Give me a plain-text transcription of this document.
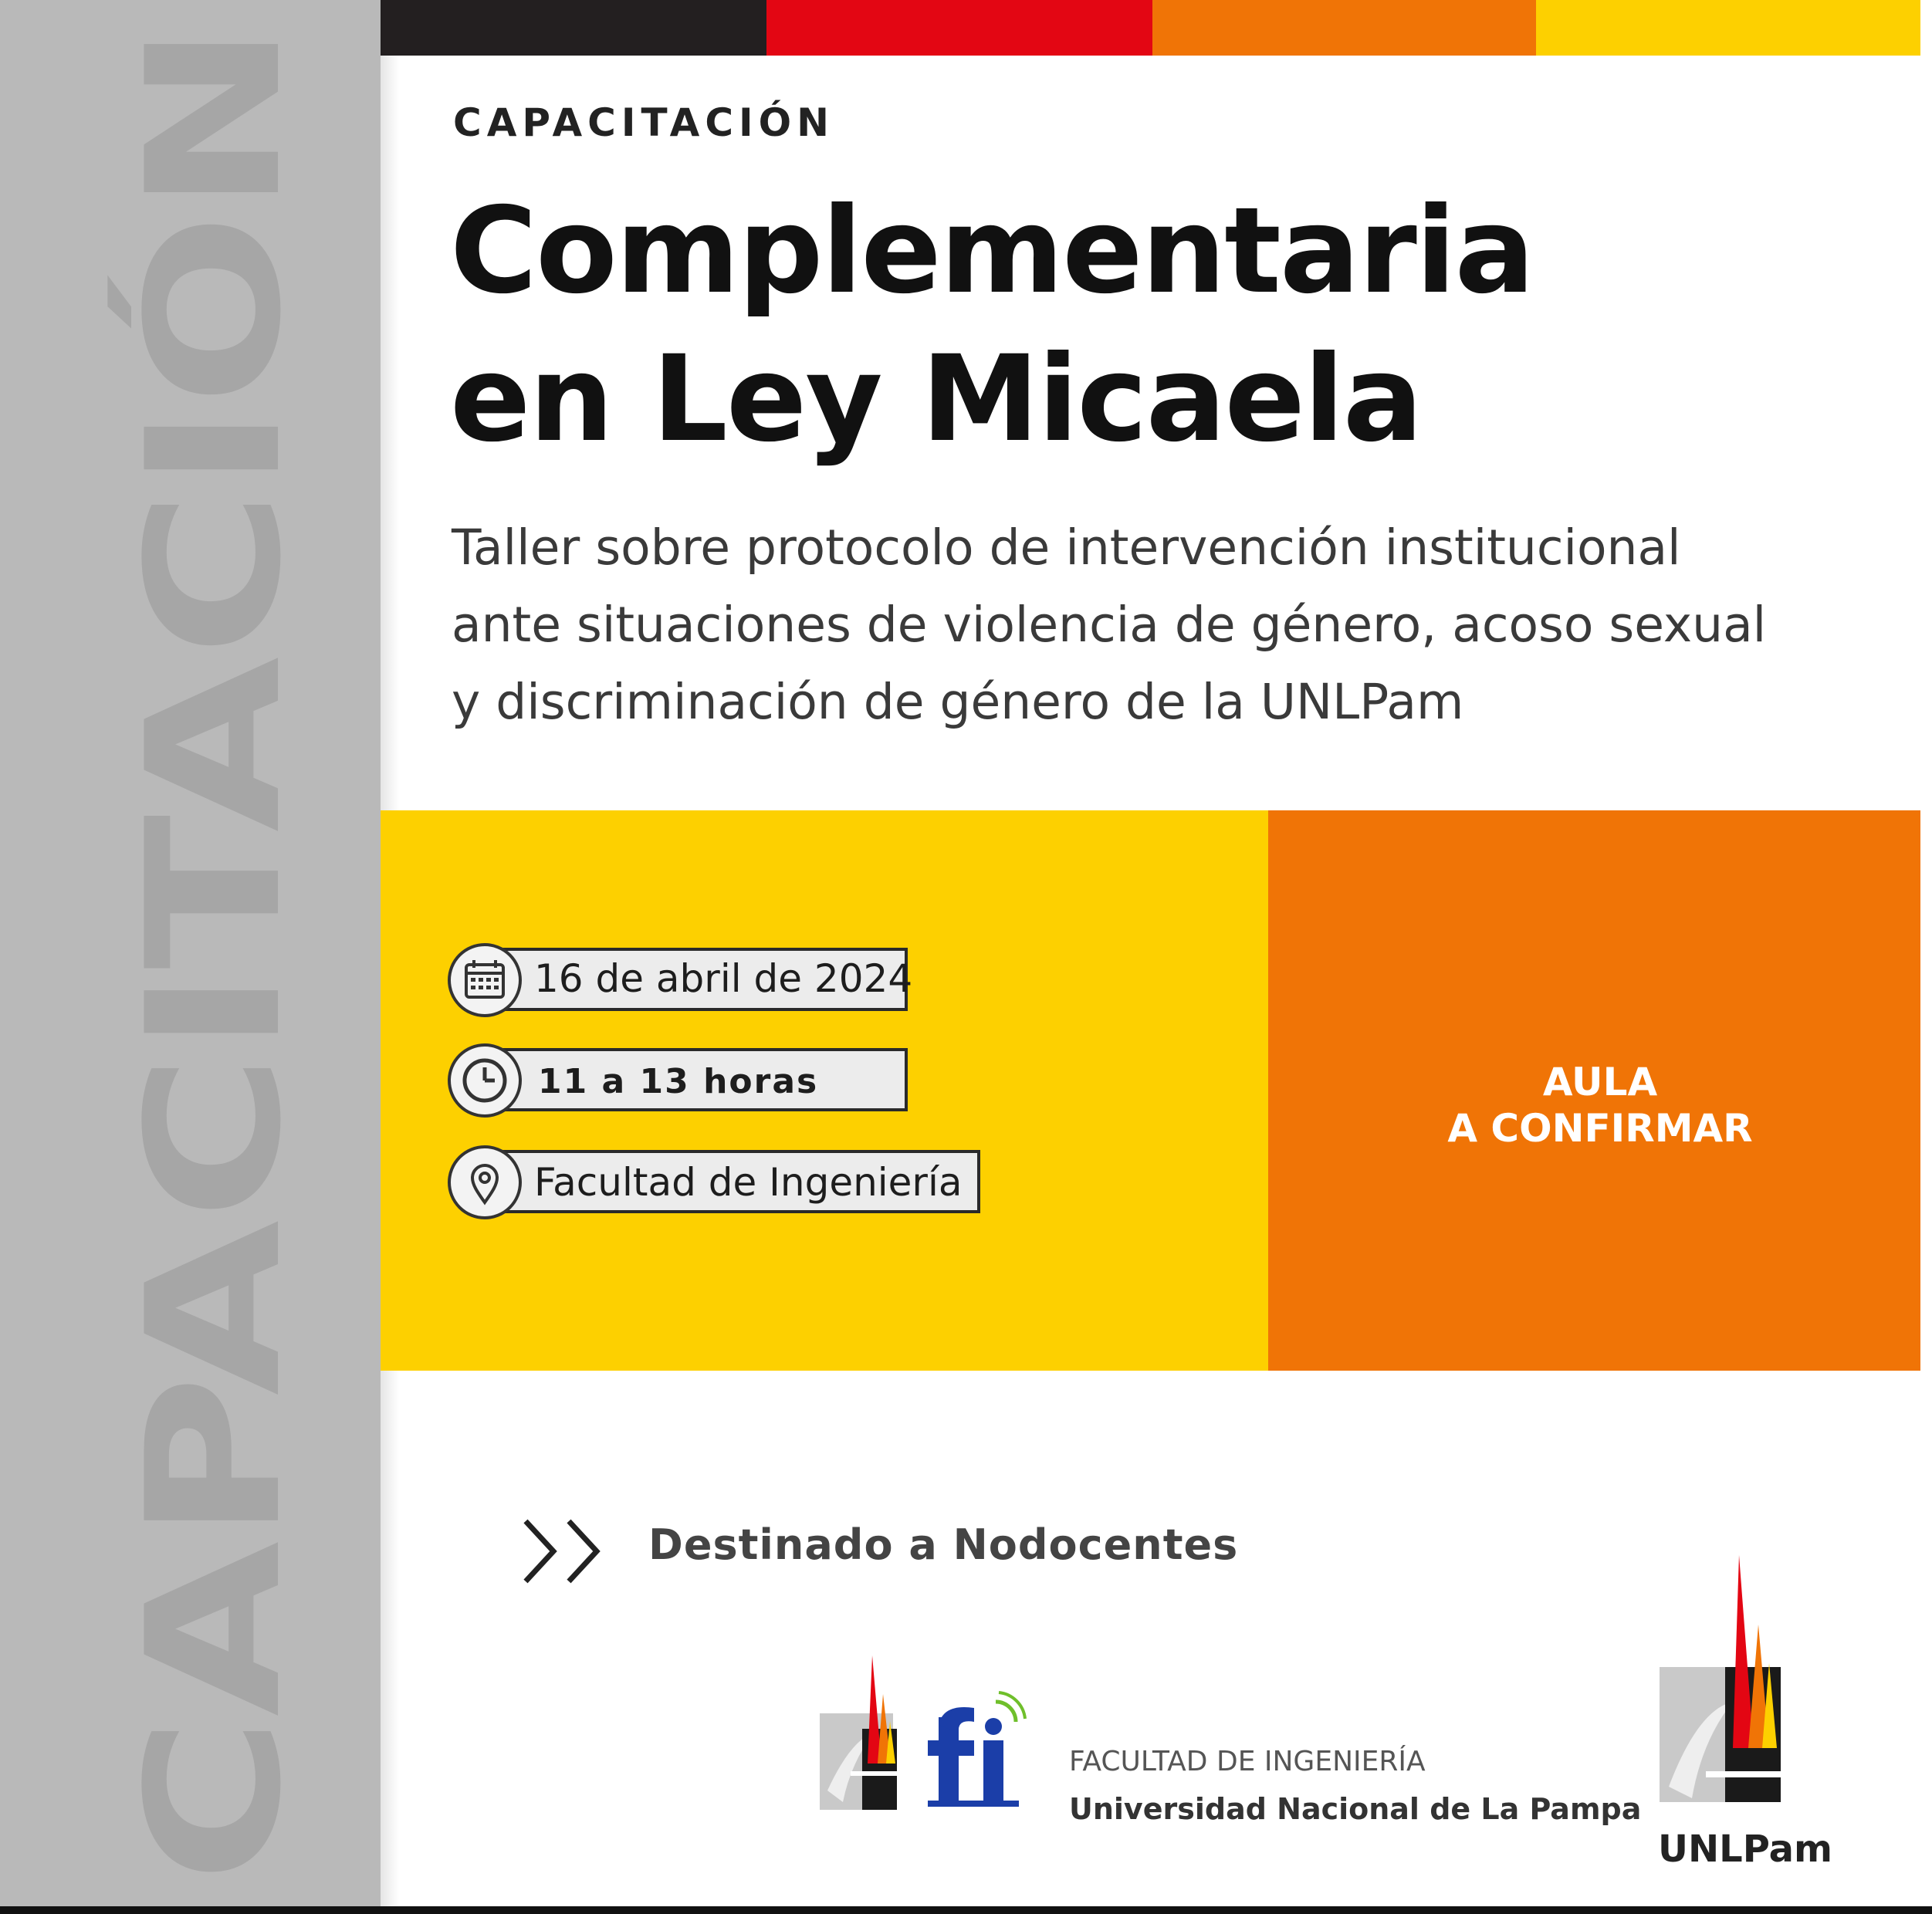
CAPACITACIÓN
CAPACITACIÓN
Complementaria
en Ley Micaela
Taller sobre protocolo de intervención institucional
ante situaciones de violencia de género, acoso sexual
y discriminación de género de la UNLPam
AULA
A CONFIRMAR
16 de abril de 2024
11 a 13 horas
Facultad de Ingeniería
Destinado a Nodocentes
FACULTAD DE INGENIERÍA
Universidad Nacional de La Pampa
UNLPam
